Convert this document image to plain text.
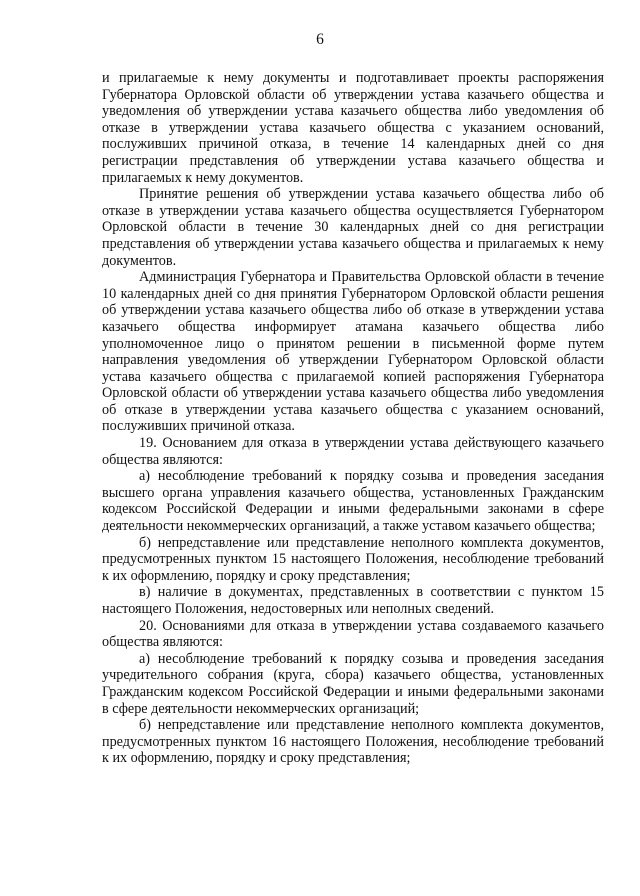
6

и прилагаемые к нему документы и подготавливает проекты распоряжения Губернатора Орловской области об утверждении устава казачьего общества и уведомления об утверждении устава казачьего общества либо уведомления об отказе в утверждении устава казачьего общества с указанием оснований, послуживших причиной отказа, в течение 14 календарных дней со дня регистрации представления об утверждении устава казачьего общества и прилагаемых к нему документов.

Принятие решения об утверждении устава казачьего общества либо об отказе в утверждении устава казачьего общества осуществляется Губернатором Орловской области в течение 30 календарных дней со дня регистрации представления об утверждении устава казачьего общества и прилагаемых к нему документов.

Администрация Губернатора и Правительства Орловской области в течение 10 календарных дней со дня принятия Губернатором Орловской области решения об утверждении устава казачьего общества либо об отказе в утверждении устава казачьего общества информирует атамана казачьего общества либо уполномоченное лицо о принятом решении в письменной форме путем направления уведомления об утверждении Губернатором Орловской области устава казачьего общества с прилагаемой копией распоряжения Губернатора Орловской области об утверждении устава казачьего общества либо уведомления об отказе в утверждении устава казачьего общества с указанием оснований, послуживших причиной отказа.

19. Основанием для отказа в утверждении устава действующего казачьего общества являются:

а) несоблюдение требований к порядку созыва и проведения заседания высшего органа управления казачьего общества, установленных Гражданским кодексом Российской Федерации и иными федеральными законами в сфере деятельности некоммерческих организаций, а также уставом казачьего общества;

б) непредставление или представление неполного комплекта документов, предусмотренных пунктом 15 настоящего Положения, несоблюдение требований к их оформлению, порядку и сроку представления;

в) наличие в документах, представленных в соответствии с пунктом 15 настоящего Положения, недостоверных или неполных сведений.

20. Основаниями для отказа в утверждении устава создаваемого казачьего общества являются:

а) несоблюдение требований к порядку созыва и проведения заседания учредительного собрания (круга, сбора) казачьего общества, установленных Гражданским кодексом Российской Федерации и иными федеральными законами в сфере деятельности некоммерческих организаций;

б) непредставление или представление неполного комплекта документов, предусмотренных пунктом 16 настоящего Положения, несоблюдение требований к их оформлению, порядку и сроку представления;
